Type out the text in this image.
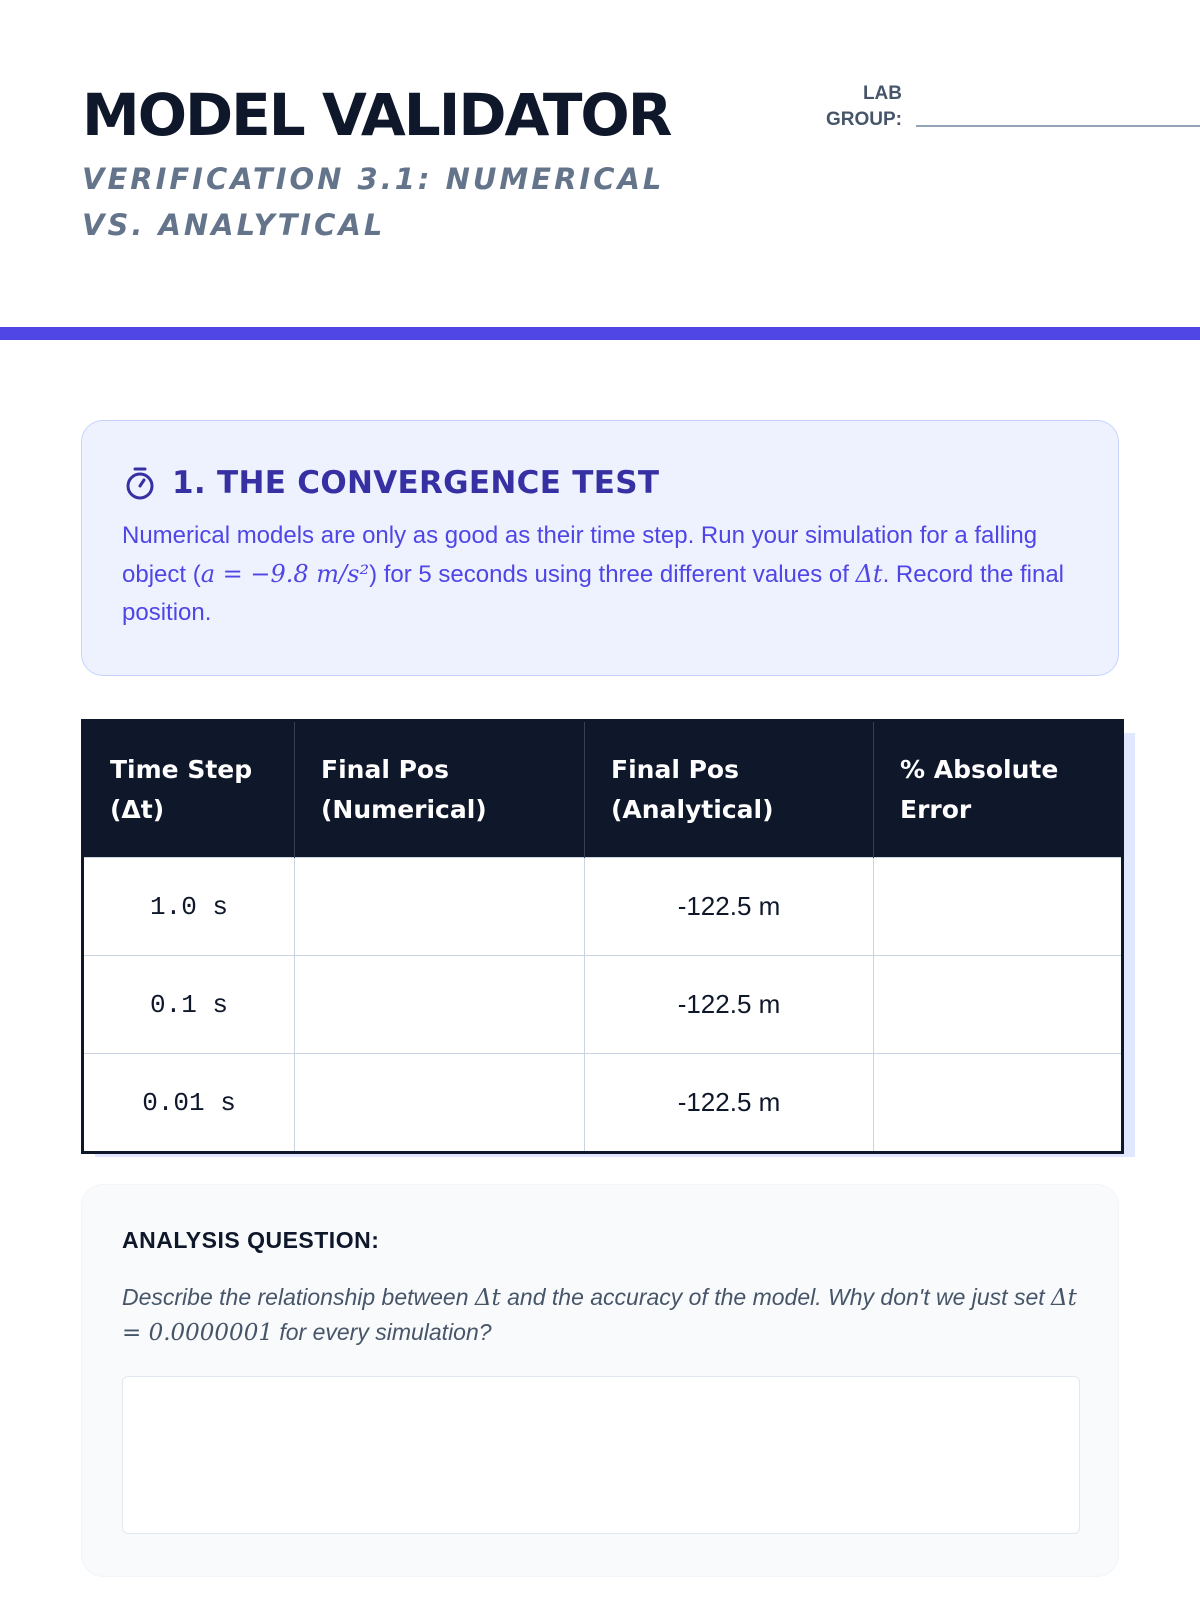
MODEL VALIDATOR
VERIFICATION 3.1: NUMERICAL VS. ANALYTICAL
LAB
GROUP:
1. THE CONVERGENCE TEST
Numerical models are only as good as their time step. Run your simulation for a falling object (a = −9.8 m/s²) for 5 seconds using three different values of Δt. Record the final position.
Time Step (Δt)	Final Pos (Numerical)	Final Pos (Analytical)	% Absolute Error
1.0 s		-122.5 m	
0.1 s		-122.5 m	
0.01 s		-122.5 m	
ANALYSIS QUESTION:
Describe the relationship between Δt and the accuracy of the model. Why don't we just set Δt = 0.0000001 for every simulation?
